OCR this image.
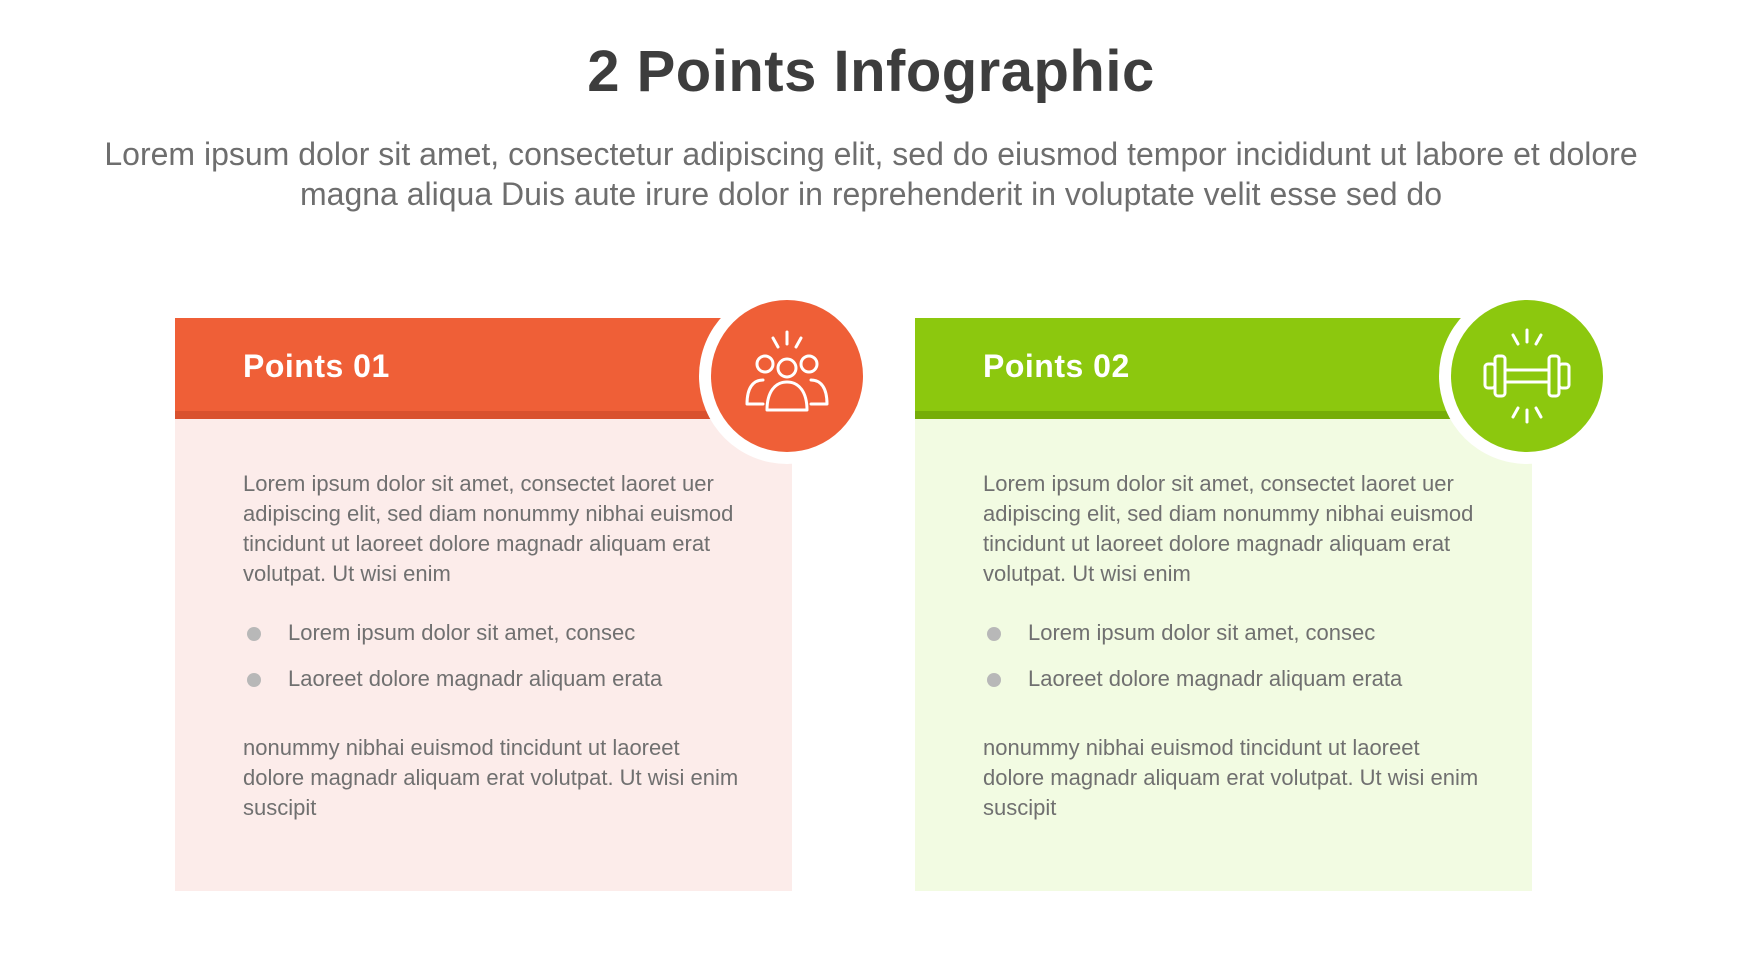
2 Points Infographic

Lorem ipsum dolor sit amet, consectetur adipiscing elit, sed do eiusmod tempor incididunt ut labore et dolore magna aliqua Duis aute irure dolor in reprehenderit in voluptate velit esse sed do

Points 01

Lorem ipsum dolor sit amet, consectet laoret uer adipiscing elit, sed diam nonummy nibhai euismod tincidunt ut laoreet dolore magnadr aliquam erat volutpat. Ut wisi enim

Lorem ipsum dolor sit amet, consec
Laoreet dolore magnadr aliquam erata

nonummy nibhai euismod tincidunt ut laoreet dolore magnadr aliquam erat volutpat. Ut wisi enim suscipit

Points 02

Lorem ipsum dolor sit amet, consectet laoret uer adipiscing elit, sed diam nonummy nibhai euismod tincidunt ut laoreet dolore magnadr aliquam erat volutpat. Ut wisi enim

Lorem ipsum dolor sit amet, consec
Laoreet dolore magnadr aliquam erata

nonummy nibhai euismod tincidunt ut laoreet dolore magnadr aliquam erat volutpat. Ut wisi enim suscipit
